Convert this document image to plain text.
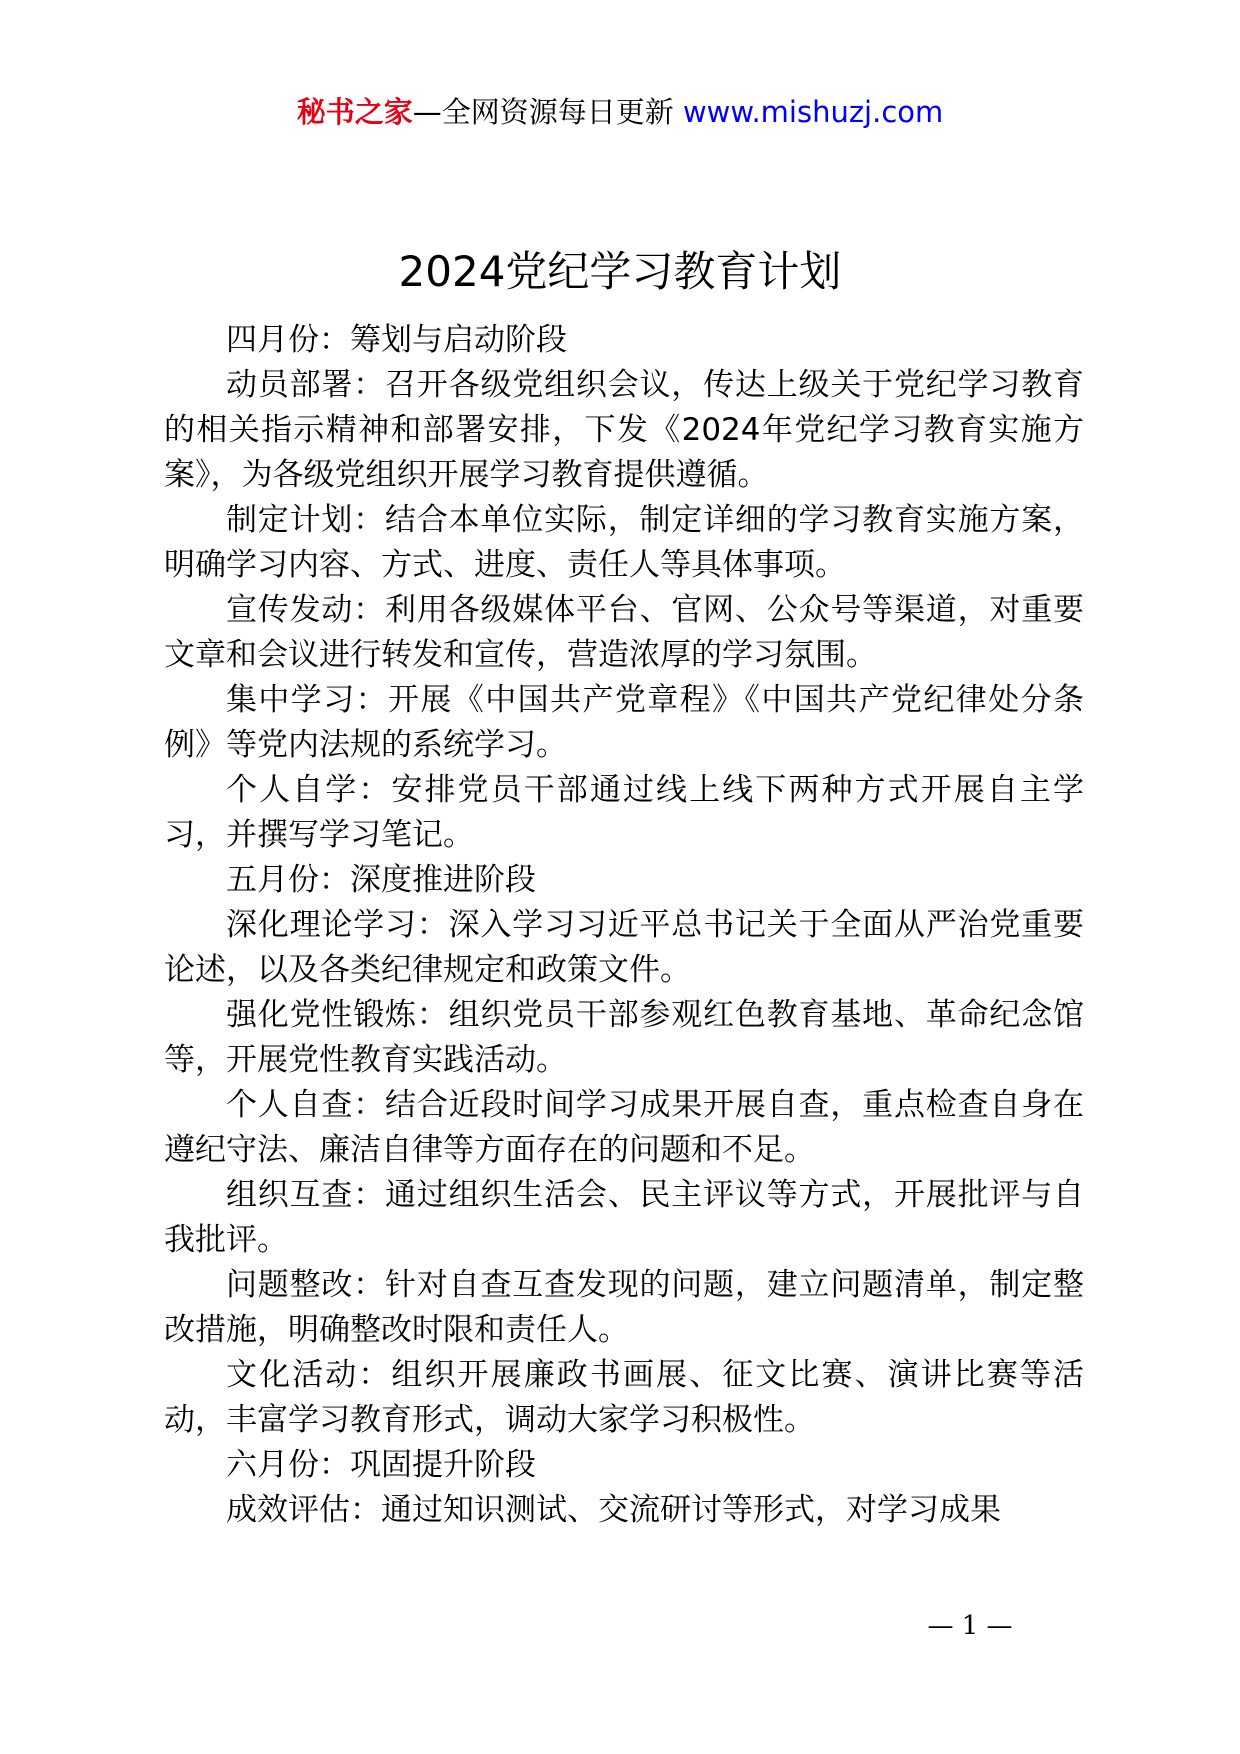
秘书之家—全网资源每日更新 www.mishuzj.com
2024党纪学习教育计划

四月份：筹划与启动阶段

动员部署：召开各级党组织会议，传达上级关于党纪学习教育的相关指示精神和部署安排，下发《2024年党纪学习教育实施方案》，为各级党组织开展学习教育提供遵循。

制定计划：结合本单位实际，制定详细的学习教育实施方案，明确学习内容、方式、进度、责任人等具体事项。

宣传发动：利用各级媒体平台、官网、公众号等渠道，对重要文章和会议进行转发和宣传，营造浓厚的学习氛围。

集中学习：开展《中国共产党章程》《中国共产党纪律处分条例》等党内法规的系统学习。

个人自学：安排党员干部通过线上线下两种方式开展自主学习，并撰写学习笔记。

五月份：深度推进阶段

深化理论学习：深入学习习近平总书记关于全面从严治党重要论述，以及各类纪律规定和政策文件。

强化党性锻炼：组织党员干部参观红色教育基地、革命纪念馆等，开展党性教育实践活动。

个人自查：结合近段时间学习成果开展自查，重点检查自身在遵纪守法、廉洁自律等方面存在的问题和不足。

组织互查：通过组织生活会、民主评议等方式，开展批评与自我批评。

问题整改：针对自查互查发现的问题，建立问题清单，制定整改措施，明确整改时限和责任人。

文化活动：组织开展廉政书画展、征文比赛、演讲比赛等活动，丰富学习教育形式，调动大家学习积极性。

六月份：巩固提升阶段

成效评估：通过知识测试、交流研讨等形式，对学习成果

— 1 —
